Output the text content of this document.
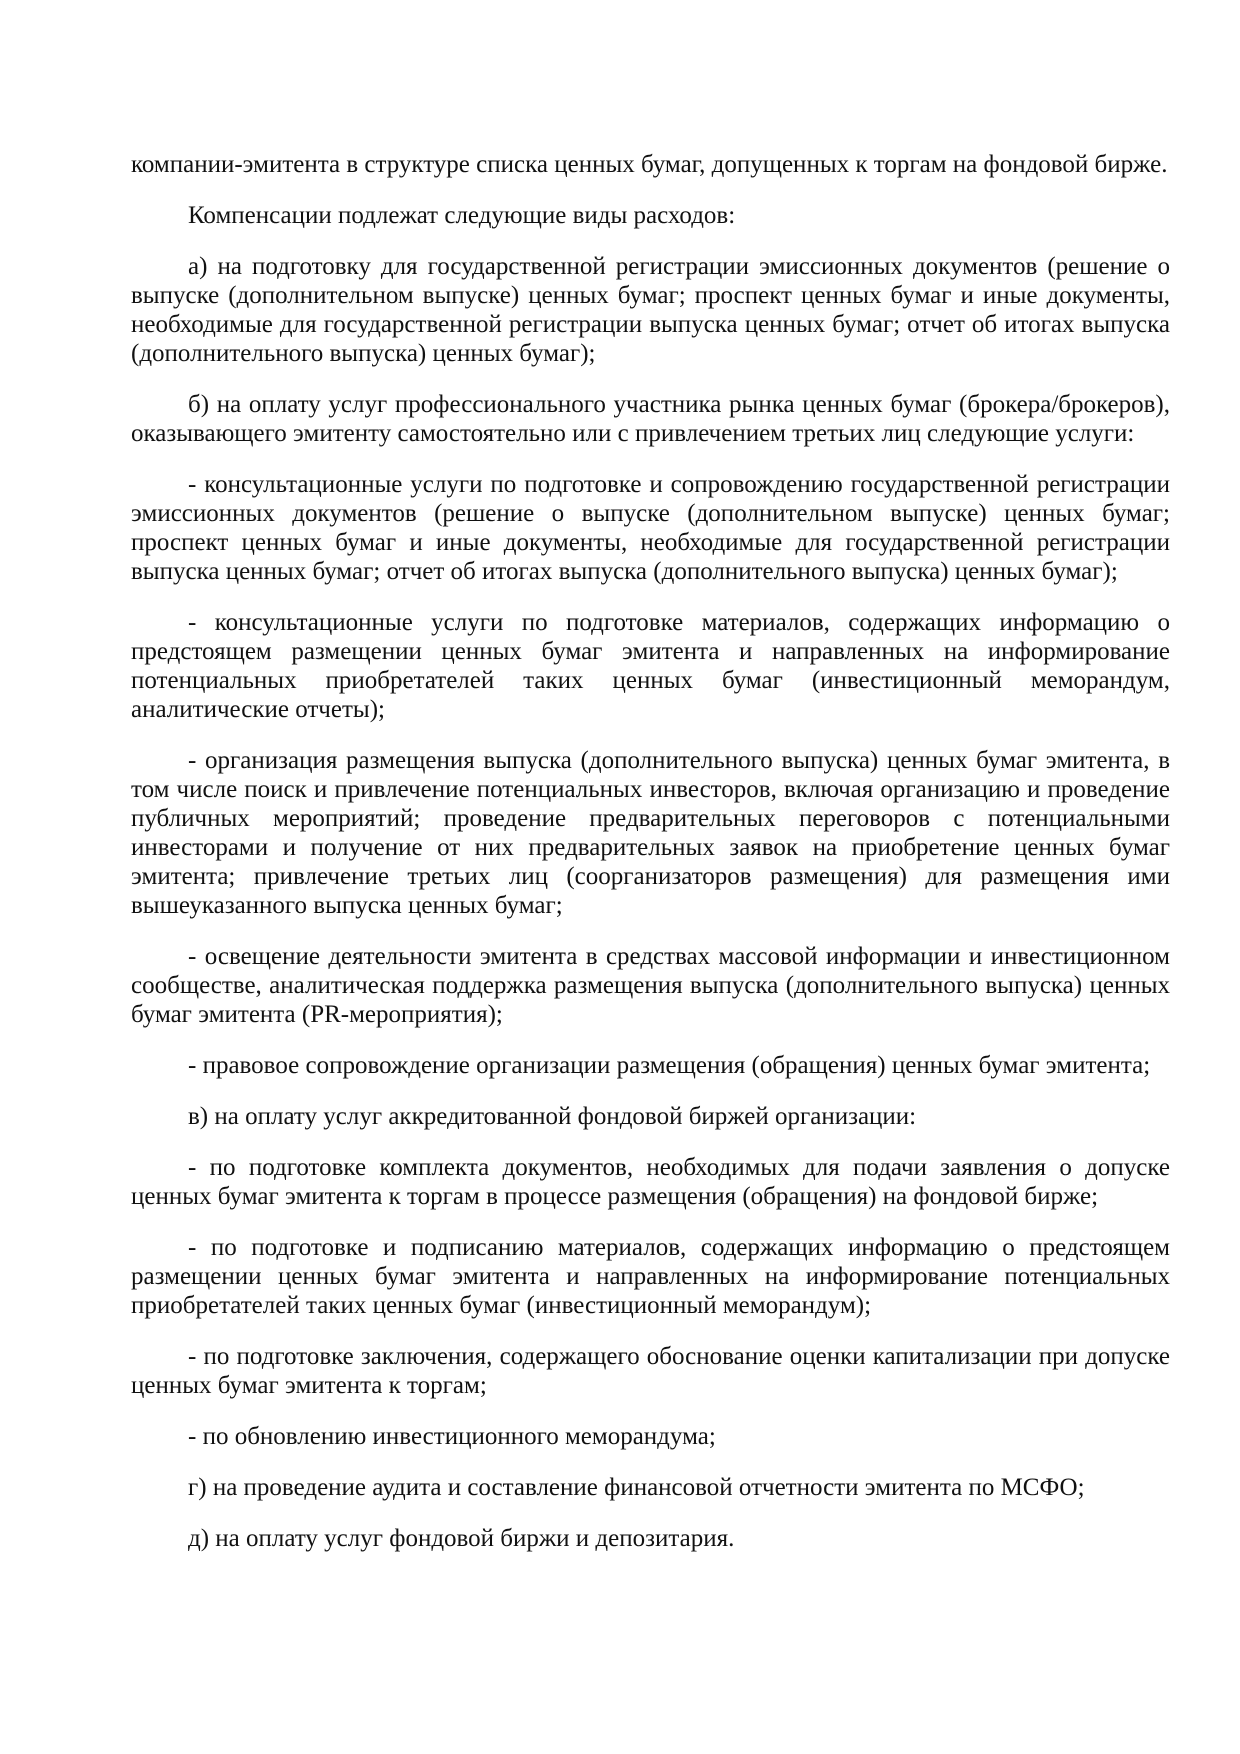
компании-эмитента в структуре списка ценных бумаг, допущенных к торгам на фондовой бирже.

Компенсации подлежат следующие виды расходов:

а) на подготовку для государственной регистрации эмиссионных документов (решение о выпуске (дополнительном выпуске) ценных бумаг; проспект ценных бумаг и иные документы, необходимые для государственной регистрации выпуска ценных бумаг; отчет об итогах выпуска (дополнительного выпуска) ценных бумаг);

б) на оплату услуг профессионального участника рынка ценных бумаг (брокера/брокеров), оказывающего эмитенту самостоятельно или с привлечением третьих лиц следующие услуги:

- консультационные услуги по подготовке и сопровождению государственной регистрации эмиссионных документов (решение о выпуске (дополнительном выпуске) ценных бумаг; проспект ценных бумаг и иные документы, необходимые для государственной регистрации выпуска ценных бумаг; отчет об итогах выпуска (дополнительного выпуска) ценных бумаг);

- консультационные услуги по подготовке материалов, содержащих информацию о предстоящем размещении ценных бумаг эмитента и направленных на информирование потенциальных приобретателей таких ценных бумаг (инвестиционный меморандум, аналитические отчеты);

- организация размещения выпуска (дополнительного выпуска) ценных бумаг эмитента, в том числе поиск и привлечение потенциальных инвесторов, включая организацию и проведение публичных мероприятий; проведение предварительных переговоров с потенциальными инвесторами и получение от них предварительных заявок на приобретение ценных бумаг эмитента; привлечение третьих лиц (соорганизаторов размещения) для размещения ими вышеуказанного выпуска ценных бумаг;

- освещение деятельности эмитента в средствах массовой информации и инвестиционном сообществе, аналитическая поддержка размещения выпуска (дополнительного выпуска) ценных бумаг эмитента (PR-мероприятия);

- правовое сопровождение организации размещения (обращения) ценных бумаг эмитента;

в) на оплату услуг аккредитованной фондовой биржей организации:

- по подготовке комплекта документов, необходимых для подачи заявления о допуске ценных бумаг эмитента к торгам в процессе размещения (обращения) на фондовой бирже;

- по подготовке и подписанию материалов, содержащих информацию о предстоящем размещении ценных бумаг эмитента и направленных на информирование потенциальных приобретателей таких ценных бумаг (инвестиционный меморандум);

- по подготовке заключения, содержащего обоснование оценки капитализации при допуске ценных бумаг эмитента к торгам;

- по обновлению инвестиционного меморандума;

г) на проведение аудита и составление финансовой отчетности эмитента по МСФО;

д) на оплату услуг фондовой биржи и депозитария.
